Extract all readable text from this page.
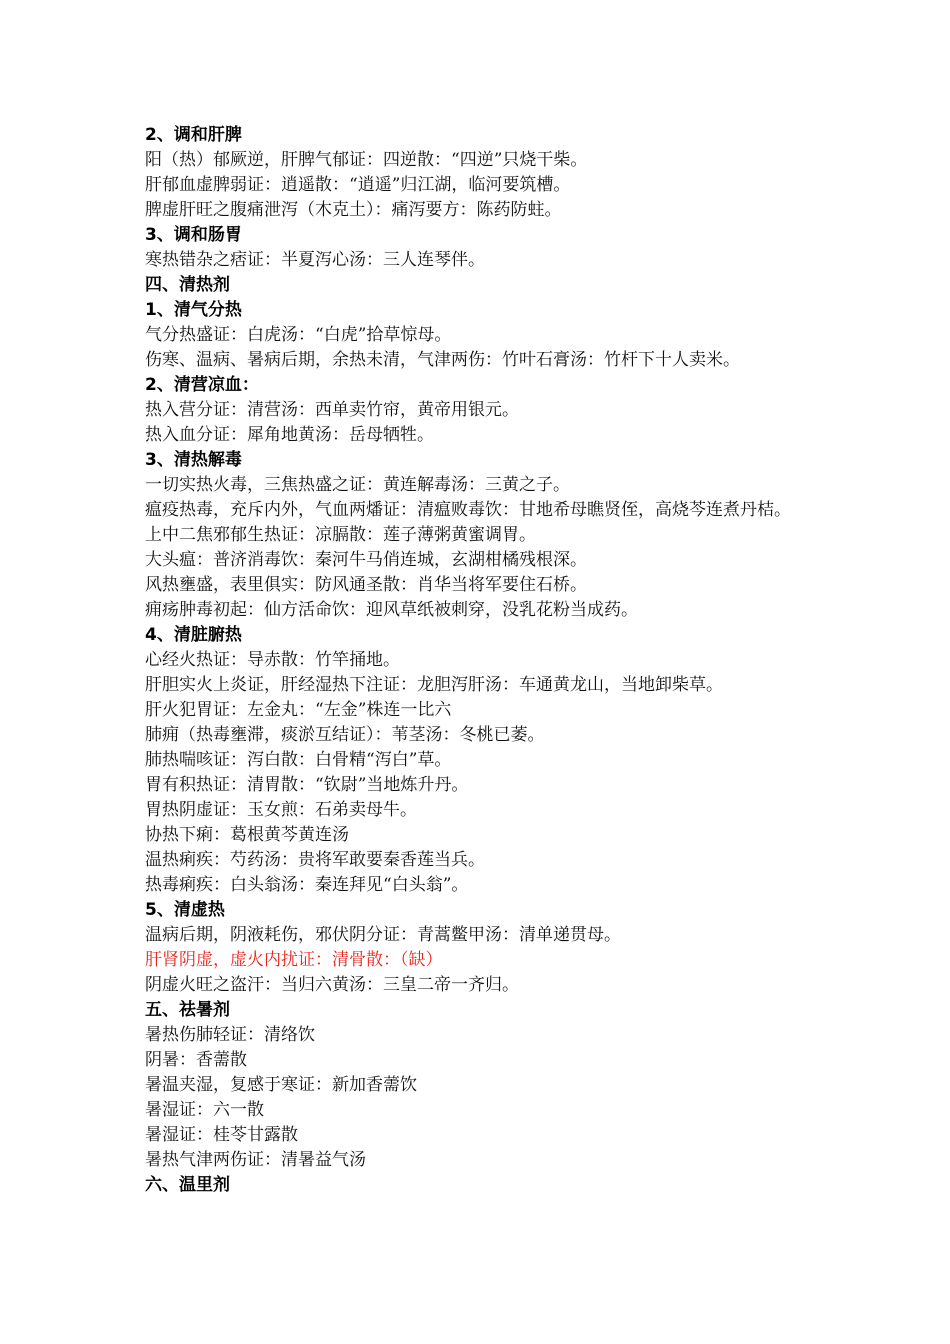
2、调和肝脾
阳（热）郁厥逆，肝脾气郁证：四逆散：“四逆”只烧干柴。
肝郁血虚脾弱证：逍遥散：“逍遥”归江湖，临河要筑槽。
脾虚肝旺之腹痛泄泻（木克土）：痛泻要方：陈药防蛀。
3、调和肠胃
寒热错杂之痞证：半夏泻心汤：三人连琴伴。
四、清热剂
1、清气分热
气分热盛证：白虎汤：“白虎”拾草惊母。
伤寒、温病、暑病后期，余热未清，气津两伤：竹叶石膏汤：竹杆下十人卖米。
2、清营凉血：
热入营分证：清营汤：西单卖竹帘，黄帝用银元。
热入血分证：犀角地黄汤：岳母牺牲。
3、清热解毒
一切实热火毒，三焦热盛之证：黄连解毒汤：三黄之子。
瘟疫热毒，充斥内外，气血两燔证：清瘟败毒饮：甘地希母瞧贤侄，高烧芩连煮丹桔。
上中二焦邪郁生热证：凉膈散：莲子薄粥黄蜜调胃。
大头瘟：普济消毒饮：秦河牛马俏连城，玄湖柑橘残根深。
风热壅盛，表里俱实：防风通圣散：肖华当将军要住石桥。
痈疡肿毒初起：仙方活命饮：迎风草纸被刺穿，没乳花粉当成药。
4、清脏腑热
心经火热证：导赤散：竹竿捅地。
肝胆实火上炎证，肝经湿热下注证：龙胆泻肝汤：车通黄龙山，当地卸柴草。
肝火犯胃证：左金丸：“左金”株连一比六
肺痈（热毒壅滞，痰淤互结证）：苇茎汤：冬桃已萎。
肺热喘咳证：泻白散：白骨精“泻白”草。
胃有积热证：清胃散：“钦尉”当地炼升丹。
胃热阴虚证：玉女煎：石弟卖母牛。
协热下痢：葛根黄芩黄连汤
温热痢疾：芍药汤：贵将军敢要秦香莲当兵。
热毒痢疾：白头翁汤：秦连拜见“白头翁”。
5、清虚热
温病后期，阴液耗伤，邪伏阴分证：青蒿鳖甲汤：清单递贯母。
肝肾阴虚，虚火内扰证：清骨散：（缺）
阴虚火旺之盗汗：当归六黄汤：三皇二帝一齐归。
五、祛暑剂
暑热伤肺轻证：清络饮
阴暑：香薷散
暑温夹湿，复感于寒证：新加香薷饮
暑湿证：六一散
暑湿证：桂苓甘露散
暑热气津两伤证：清暑益气汤
六、温里剂
